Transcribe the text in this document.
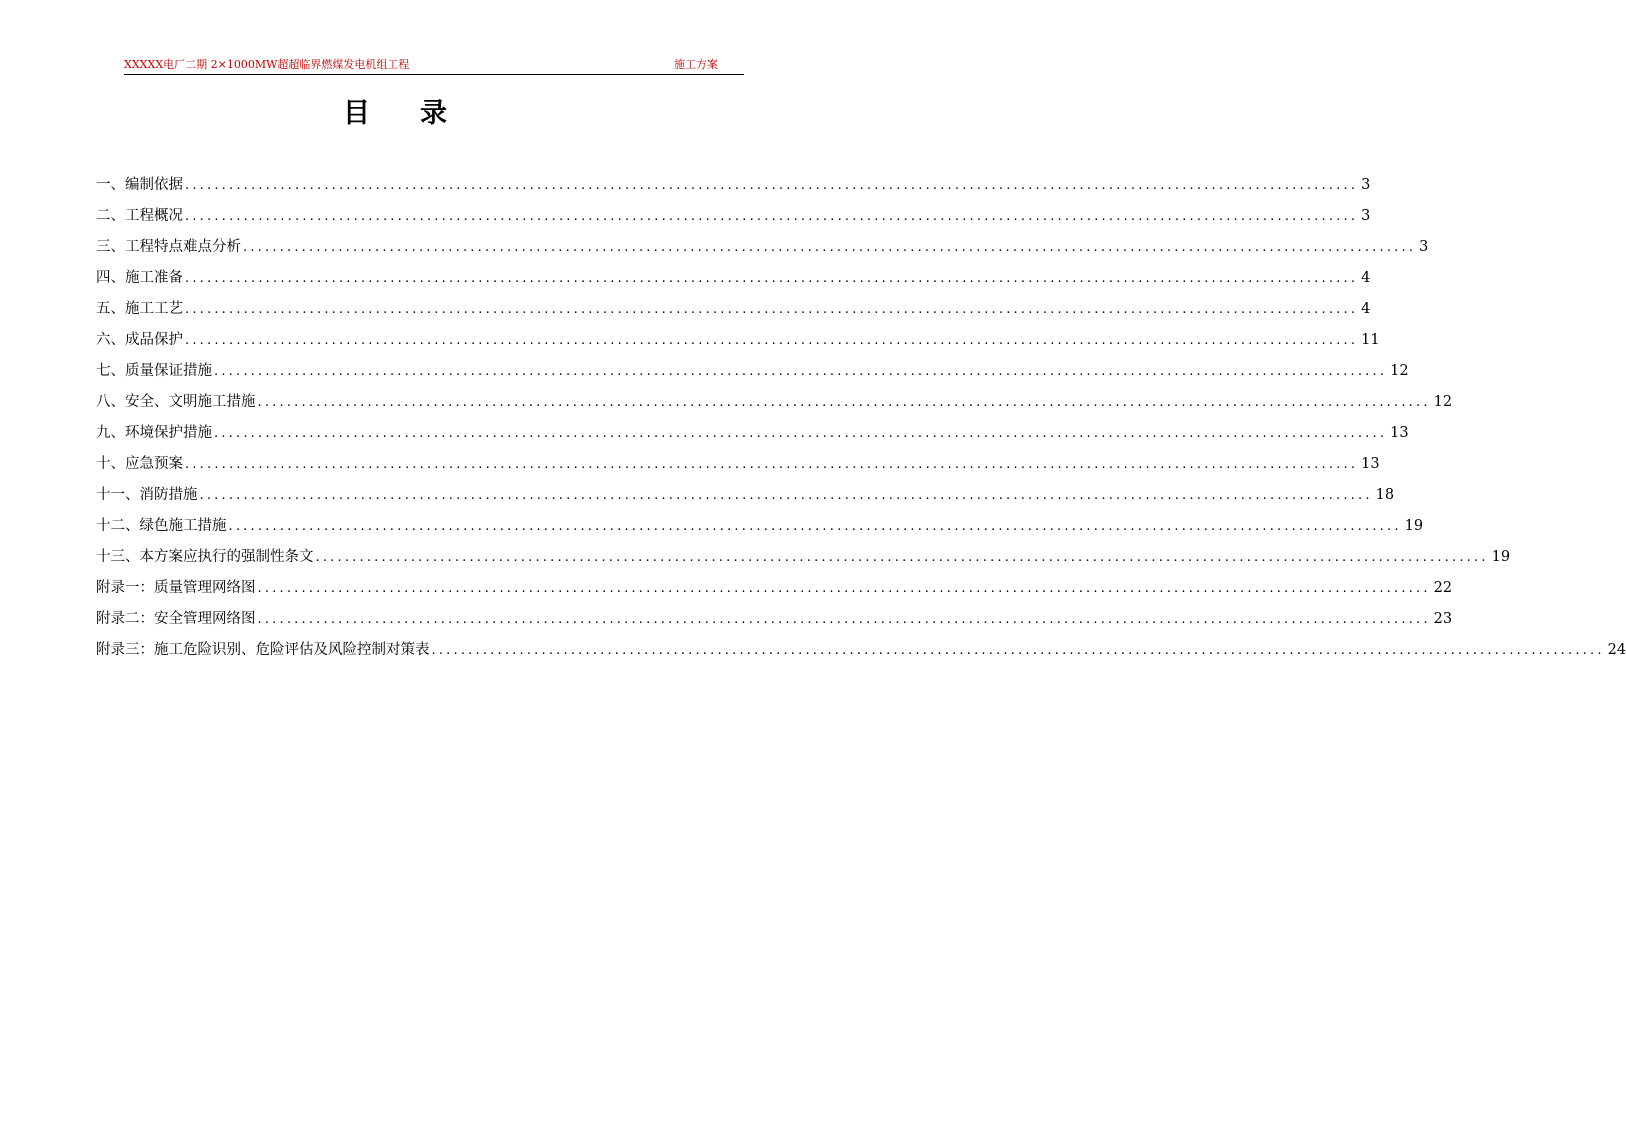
XXXXX电厂二期 2×1000MW超超临界燃煤发电机组工程	施工方案
目录
一、编制依据 ................................................................................................................................................................ 3
二、工程概况 ................................................................................................................................................................ 3
三、工程特点难点分析 ................................................................................................................................................................ 3
四、施工准备 ................................................................................................................................................................ 4
五、施工工艺 ................................................................................................................................................................ 4
六、成品保护 ................................................................................................................................................................ 11
七、质量保证措施 ................................................................................................................................................................ 12
八、安全、文明施工措施 ................................................................................................................................................................ 12
九、环境保护措施 ................................................................................................................................................................ 13
十、应急预案 ................................................................................................................................................................ 13
十一、消防措施 ................................................................................................................................................................ 18
十二、绿色施工措施 ................................................................................................................................................................ 19
十三、本方案应执行的强制性条文 ................................................................................................................................................................ 19
附录一：质量管理网络图 ................................................................................................................................................................ 22
附录二：安全管理网络图 ................................................................................................................................................................ 23
附录三：施工危险识别、危险评估及风险控制对策表 ................................................................................................................................................................ 24
